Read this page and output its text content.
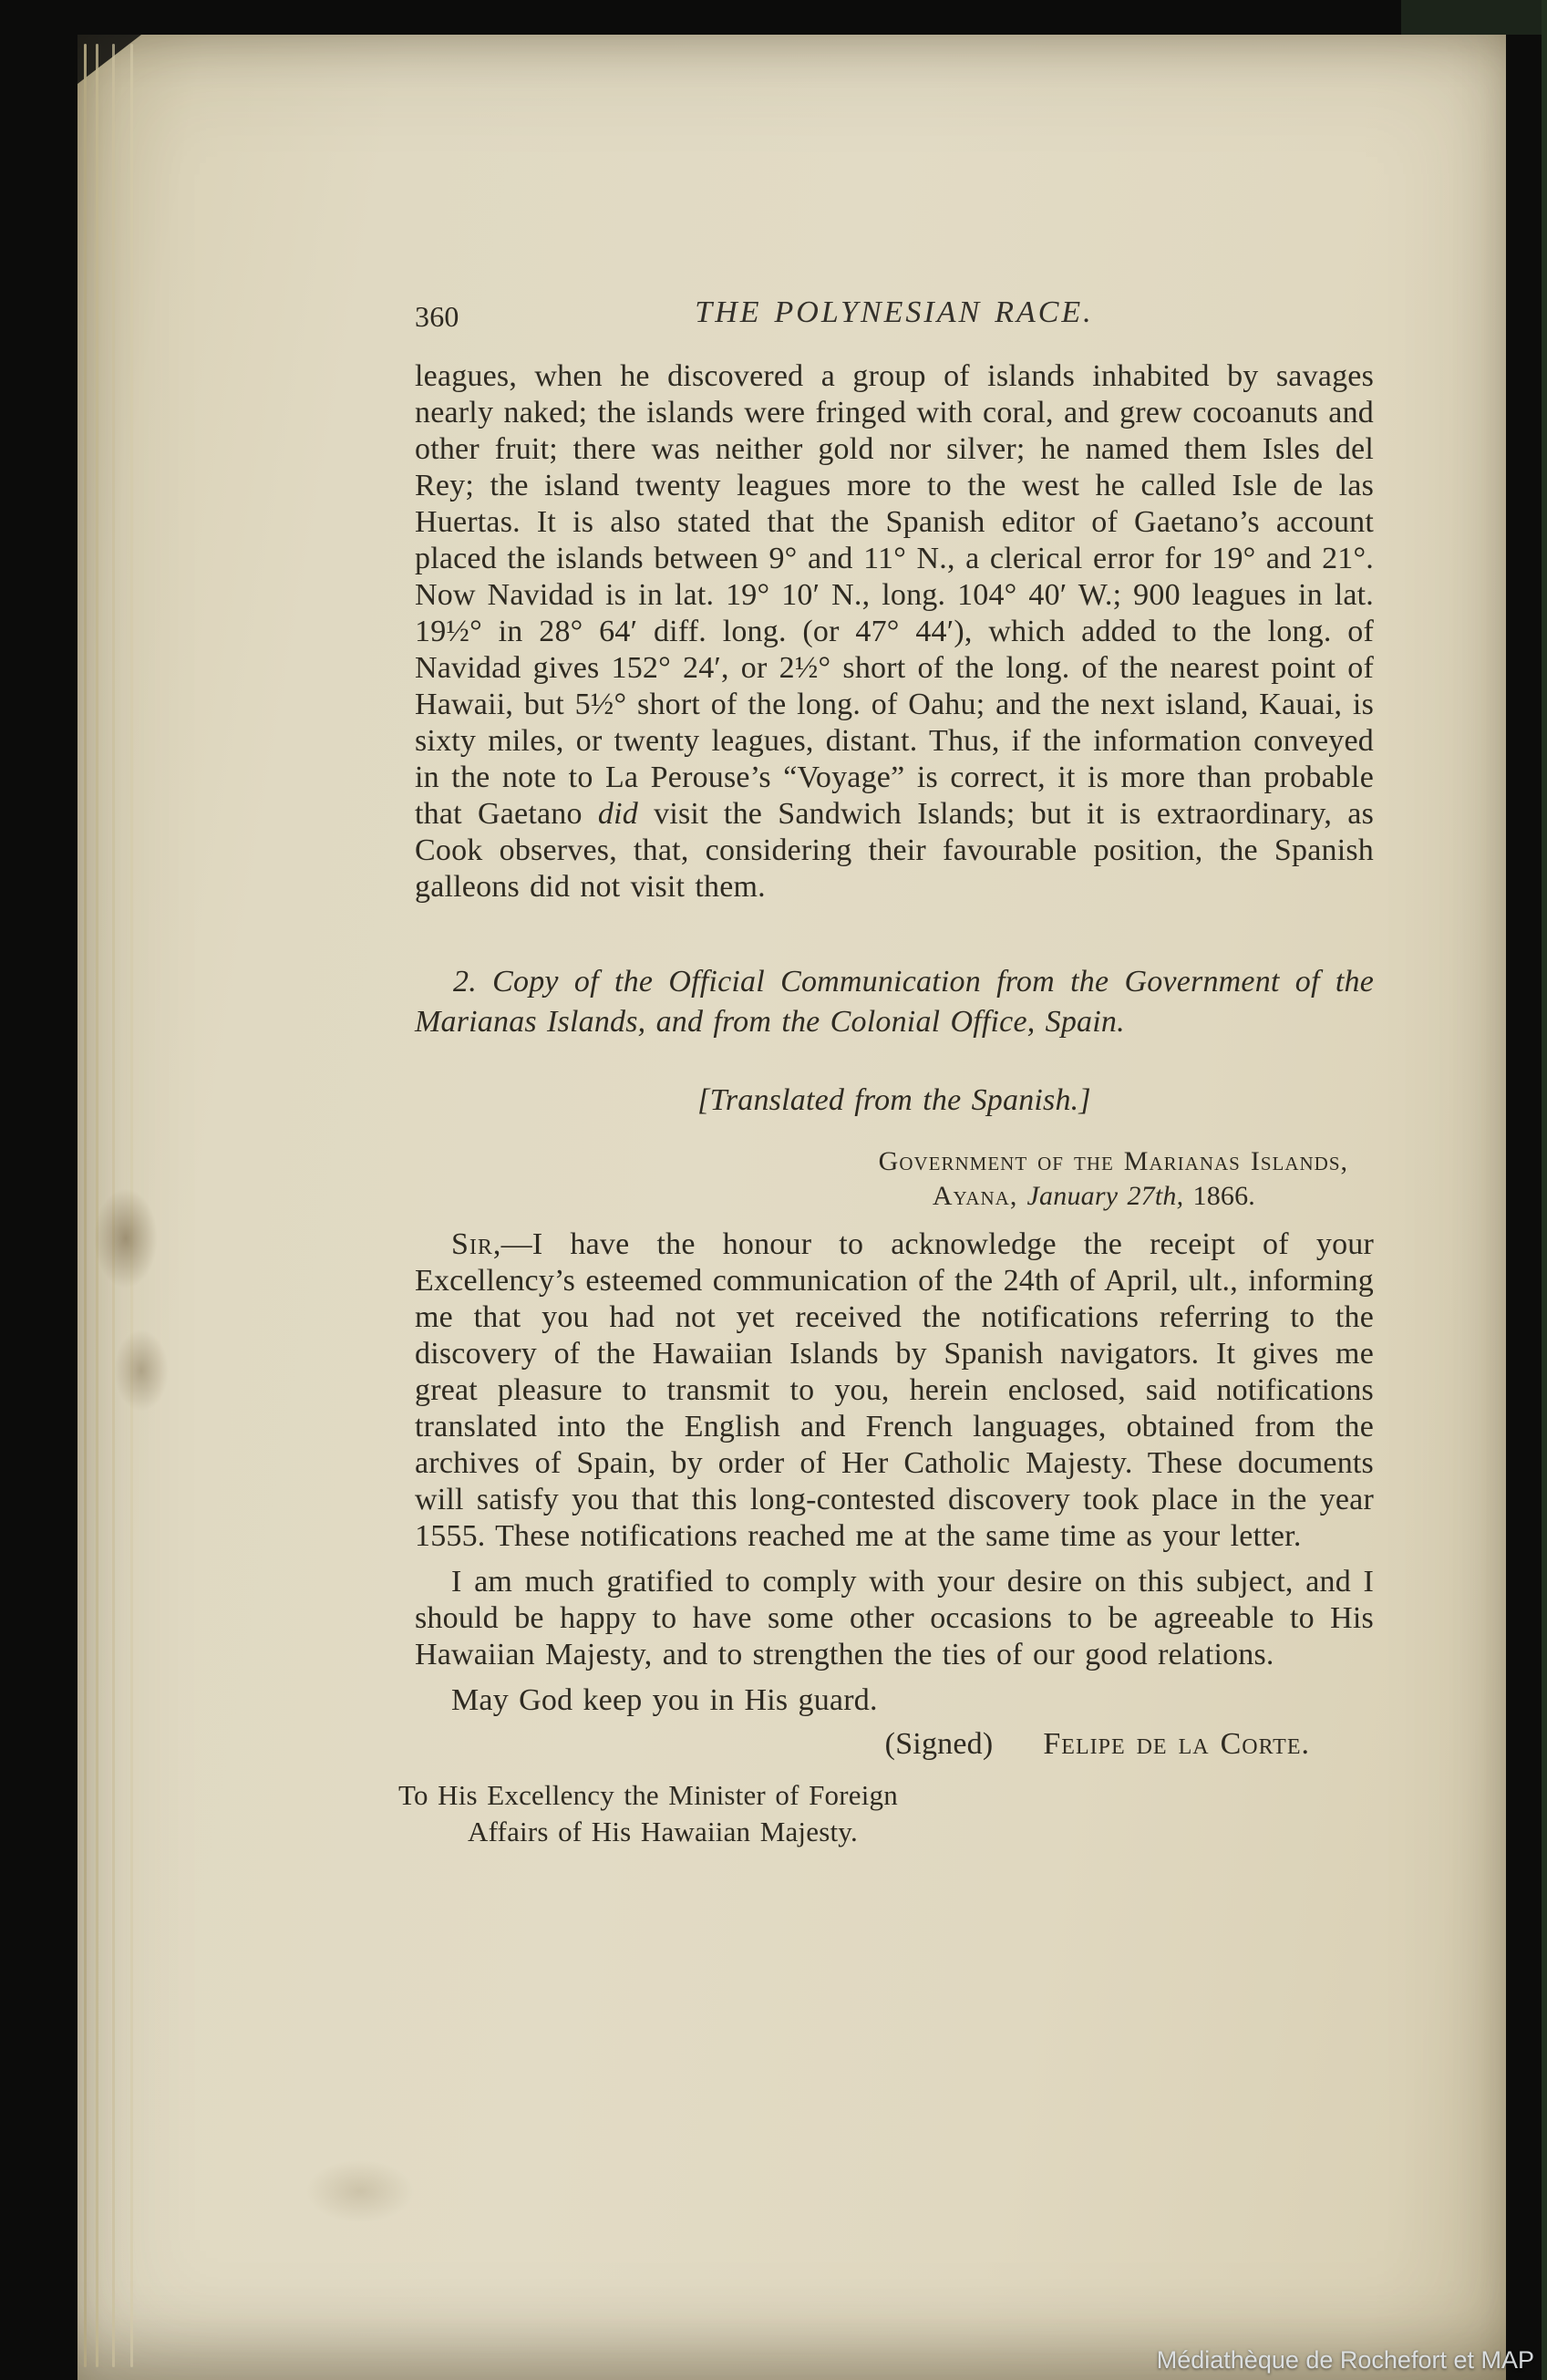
360	THE POLYNESIAN RACE.

leagues, when he discovered a group of islands inhabited by savages nearly naked; the islands were fringed with coral, and grew cocoanuts and other fruit; there was neither gold nor silver; he named them Isles del Rey; the island twenty leagues more to the west he called Isle de las Huertas. It is also stated that the Spanish editor of Gaetano’s account placed the islands between 9° and 11° N., a clerical error for 19° and 21°. Now Navidad is in lat. 19° 10′ N., long. 104° 40′ W.; 900 leagues in lat. 19½° in 28° 64′ diff. long. (or 47° 44′), which added to the long. of Navidad gives 152° 24′, or 2½° short of the long. of the nearest point of Hawaii, but 5½° short of the long. of Oahu; and the next island, Kauai, is sixty miles, or twenty leagues, distant. Thus, if the information conveyed in the note to La Perouse’s “Voyage” is correct, it is more than probable that Gaetano did visit the Sandwich Islands; but it is extraordinary, as Cook observes, that, considering their favourable position, the Spanish galleons did not visit them.

2. Copy of the Official Communication from the Government of the Marianas Islands, and from the Colonial Office, Spain.

[Translated from the Spanish.]

Government of the Marianas Islands,
Ayana, January 27th, 1866.

Sir,—I have the honour to acknowledge the receipt of your Excellency’s esteemed communication of the 24th of April, ult., informing me that you had not yet received the notifications referring to the discovery of the Hawaiian Islands by Spanish navigators. It gives me great pleasure to transmit to you, herein enclosed, said notifications translated into the English and French languages, obtained from the archives of Spain, by order of Her Catholic Majesty. These documents will satisfy you that this long-contested discovery took place in the year 1555. These notifications reached me at the same time as your letter.

I am much gratified to comply with your desire on this subject, and I should be happy to have some other occasions to be agreeable to His Hawaiian Majesty, and to strengthen the ties of our good relations.

May God keep you in His guard.

(Signed) Felipe de la Corte.

To His Excellency the Minister of Foreign
Affairs of His Hawaiian Majesty.
Médiathèque de Rochefort et MAP
